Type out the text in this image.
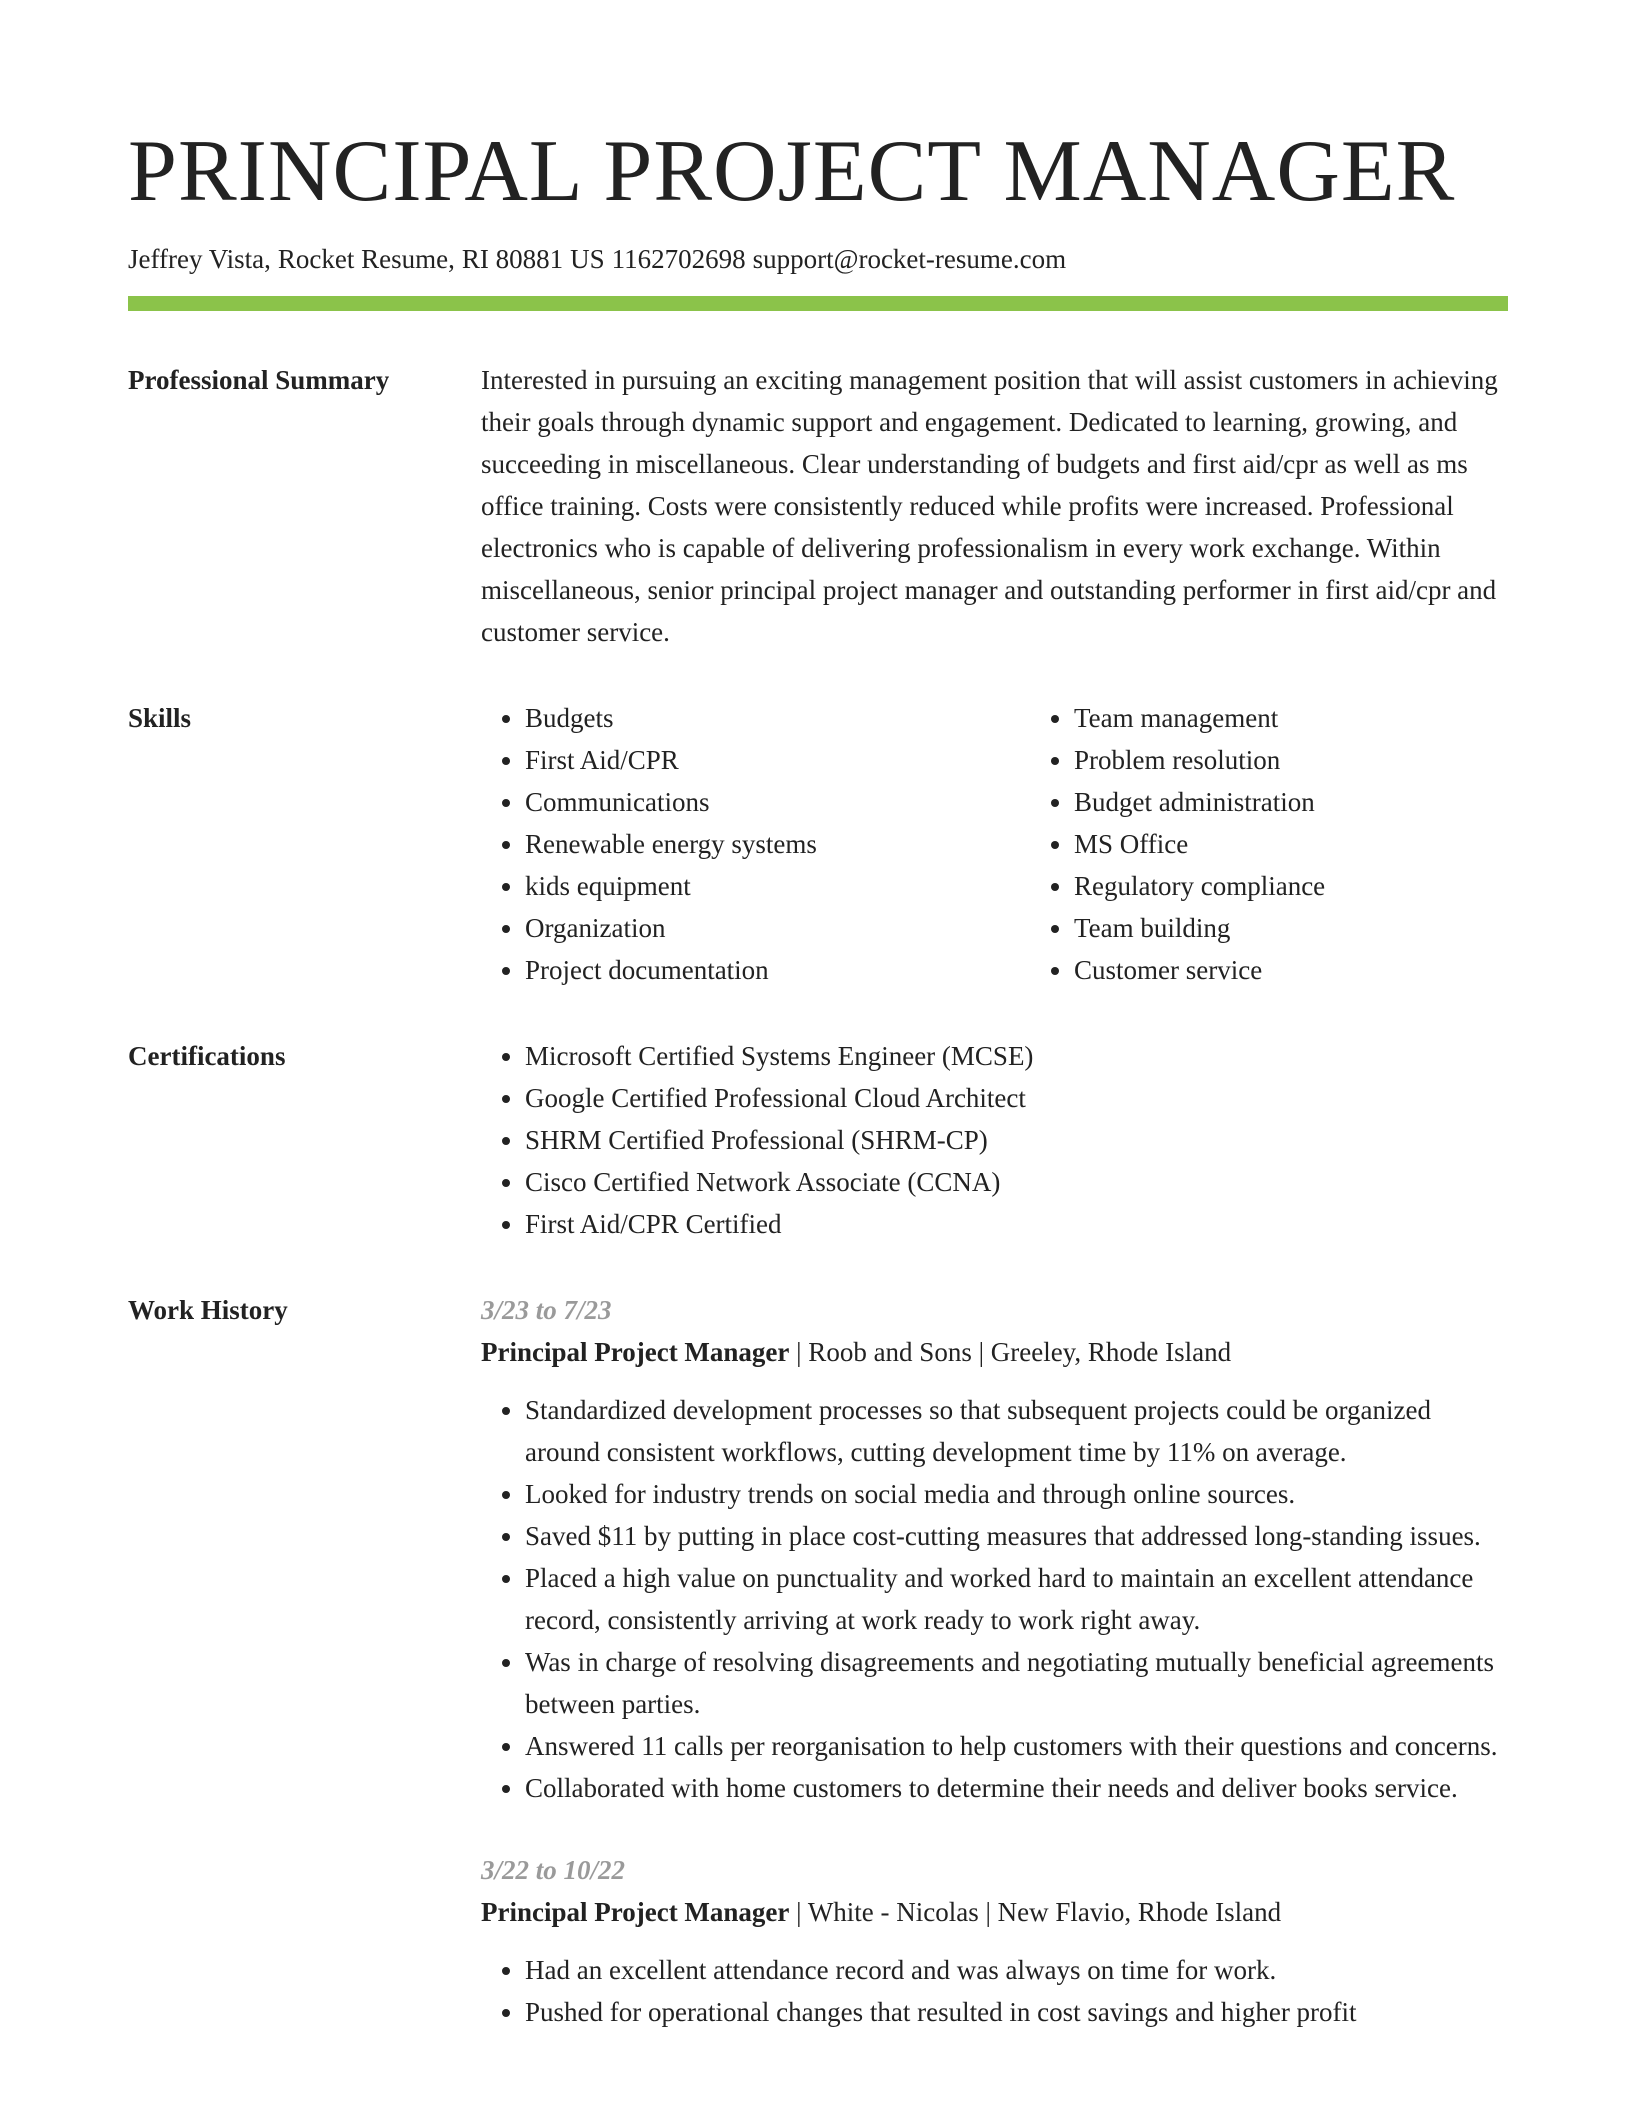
PRINCIPAL PROJECT MANAGER
Jeffrey Vista, Rocket Resume, RI 80881 US 1162702698 support@rocket-resume.com
Professional Summary	Interested in pursuing an exciting management position that will assist customers in achieving their goals through dynamic support and engagement. Dedicated to learning, growing, and succeeding in miscellaneous. Clear understanding of budgets and first aid/cpr as well as ms office training. Costs were consistently reduced while profits were increased. Professional electronics who is capable of delivering professionalism in every work exchange. Within miscellaneous, senior principal project manager and outstanding performer in first aid/cpr and customer service.

Skills	• Budgets
• First Aid/CPR
• Communications
• Renewable energy systems
• kids equipment
• Organization
• Project documentation
• Team management
• Problem resolution
• Budget administration
• MS Office
• Regulatory compliance
• Team building
• Customer service
Certifications	• Microsoft Certified Systems Engineer (MCSE)
• Google Certified Professional Cloud Architect
• SHRM Certified Professional (SHRM-CP)
• Cisco Certified Network Associate (CCNA)
• First Aid/CPR Certified
Work History	3/23 to 7/23
Principal Project Manager | Roob and Sons | Greeley, Rhode Island
• Standardized development processes so that subsequent projects could be organized around consistent workflows, cutting development time by 11% on average.
• Looked for industry trends on social media and through online sources.
• Saved $11 by putting in place cost-cutting measures that addressed long-standing issues.
• Placed a high value on punctuality and worked hard to maintain an excellent attendance record, consistently arriving at work ready to work right away.
• Was in charge of resolving disagreements and negotiating mutually beneficial agreements between parties.
• Answered 11 calls per reorganisation to help customers with their questions and concerns.
• Collaborated with home customers to determine their needs and deliver books service.
3/22 to 10/22
Principal Project Manager | White - Nicolas | New Flavio, Rhode Island
• Had an excellent attendance record and was always on time for work.
• Pushed for operational changes that resulted in cost savings and higher profit
